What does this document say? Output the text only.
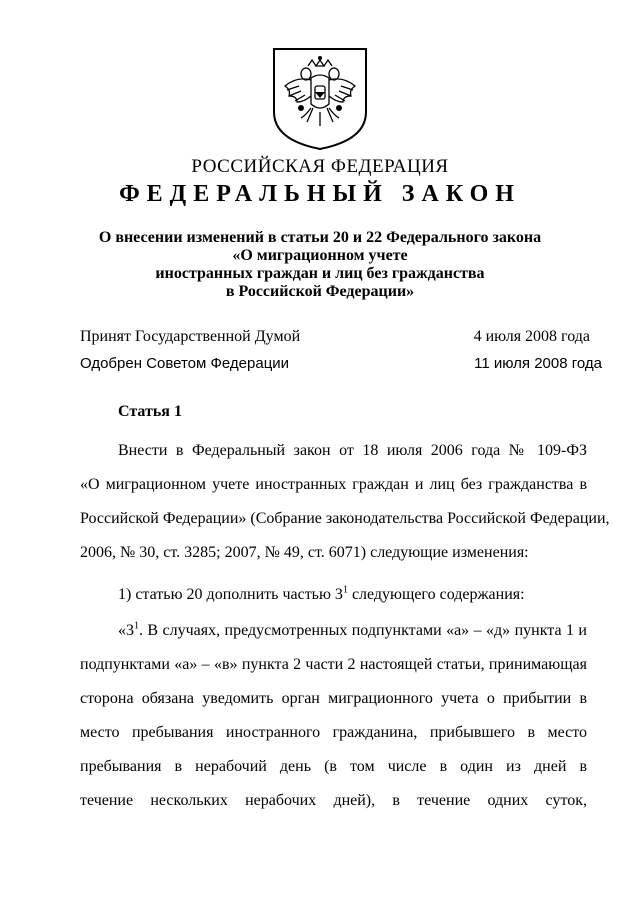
РОССИЙСКАЯ ФЕДЕРАЦИЯ
ФЕДЕРАЛЬНЫЙ ЗАКОН
О внесении изменений в статьи 20 и 22 Федерального закона
«О миграционном учете
иностранных граждан и лиц без гражданства
в Российской Федерации»
Принят Государственной Думой	4 июля 2008 года
Одобрен Советом Федерации	11 июля 2008 года
Статья 1
Внести в Федеральный закон от 18 июля 2006 года № 109-ФЗ
«О миграционном учете иностранных граждан и лиц без гражданства в
Российской Федерации» (Собрание законодательства Российской Федерации,
2006, № 30, ст. 3285; 2007, № 49, ст. 6071) следующие изменения:
1) статью 20 дополнить частью $3^1$ следующего содержания:
«$3^1$. В случаях, предусмотренных подпунктами «а» – «д» пункта 1 и
подпунктами «а» – «в» пункта 2 части 2 настоящей статьи, принимающая
сторона обязана уведомить орган миграционного учета о прибытии в
место пребывания иностранного гражданина, прибывшего в место
пребывания в нерабочий день (в том числе в один из дней в
течение нескольких нерабочих дней), в течение одних суток,
